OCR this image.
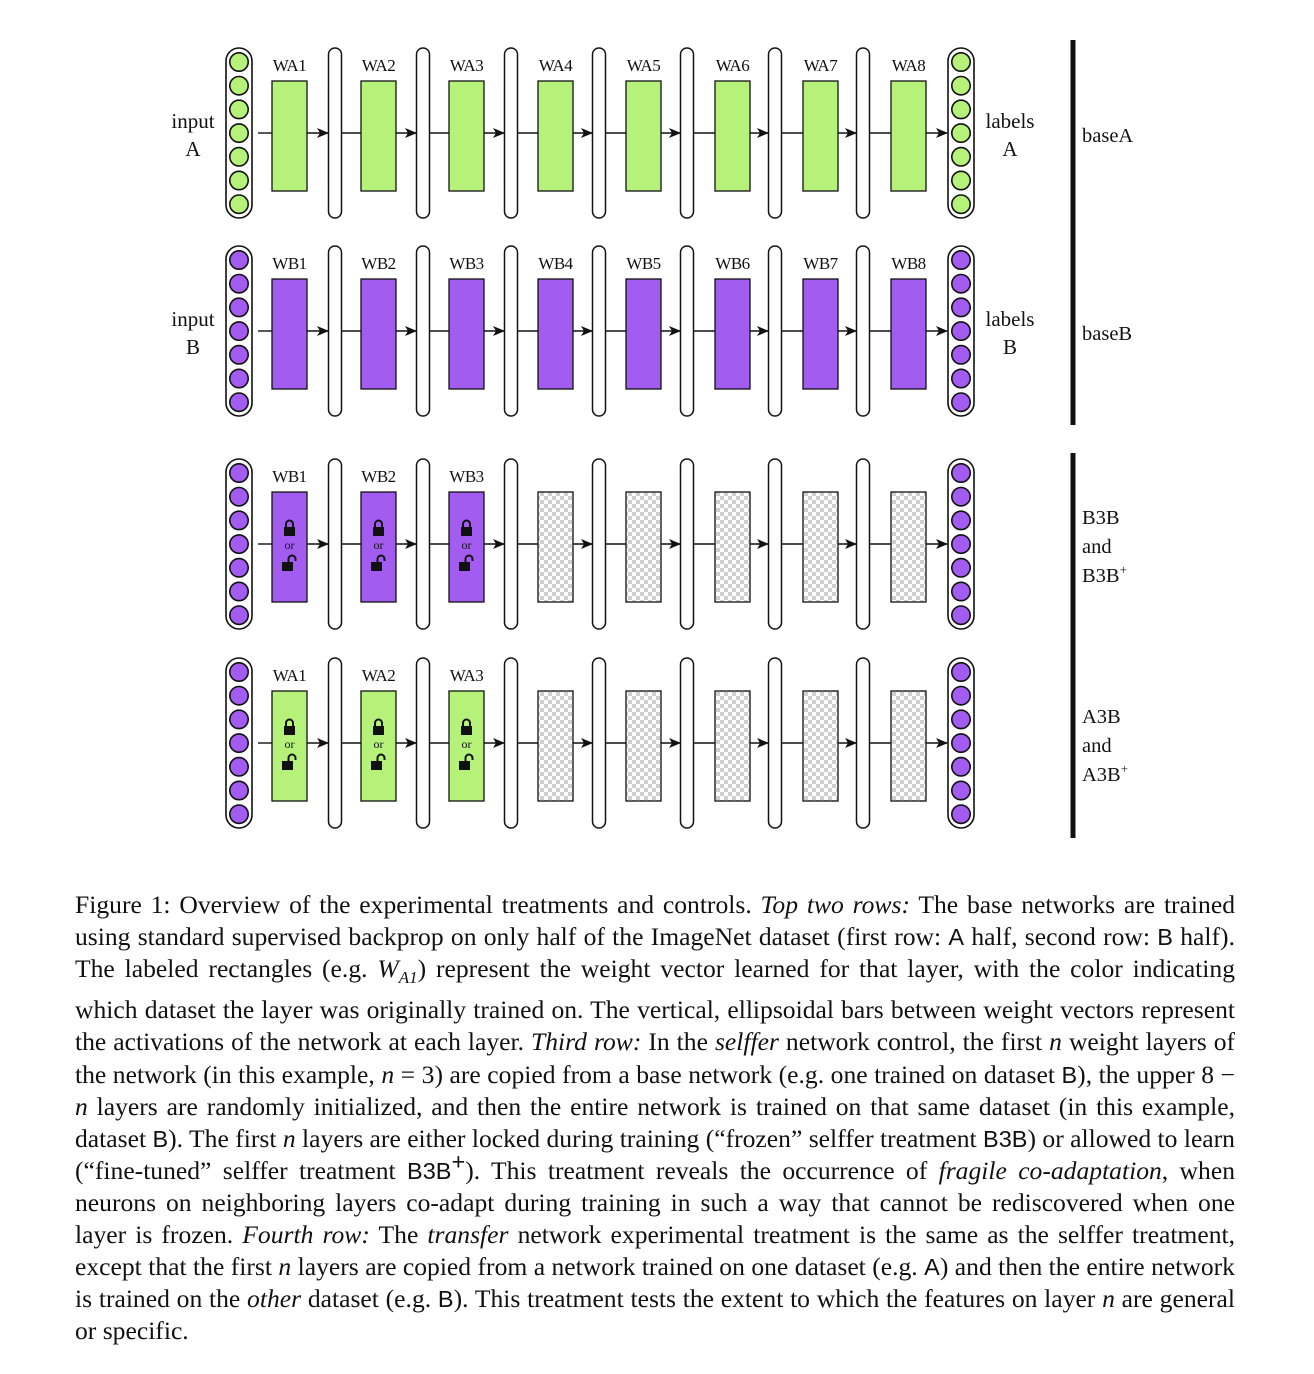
WA1	WA2	WA3	WA4	WA5	WA6	WA7	WA8
input
A
labels
A
baseA
WB1	WB2	WB3	WB4	WB5	WB6	WB7	WB8
input
B
labels
B
baseB
WB1
or
WB2
or
WB3
or
B3B
and
B3B+
WA1
or
WA2
or
WA3
or
A3B
and
A3B+
Figure 1: Overview of the experimental treatments and controls. Top two rows: The base networks are trained using standard supervised backprop on only half of the ImageNet dataset (first row: A half, second row: B half). The labeled rectangles (e.g. $W_{A1}$) represent the weight vector learned for that layer, with the color indicating which dataset the layer was originally trained on. The vertical, ellipsoidal bars between weight vectors represent the activations of the network at each layer. Third row: In the selffer network control, the first n weight layers of the network (in this example, n = 3) are copied from a base network (e.g. one trained on dataset B), the upper 8 − n layers are randomly initialized, and then the entire network is trained on that same dataset (in this example, dataset B). The first n layers are either locked during training (“frozen” selffer treatment B3B) or allowed to learn (“fine-tuned” selffer treatment B3B+). This treatment reveals the occurrence of fragile co-adaptation, when neurons on neighboring layers co-adapt during training in such a way that cannot be rediscovered when one layer is frozen. Fourth row: The transfer network experimental treatment is the same as the selffer treatment, except that the first n layers are copied from a network trained on one dataset (e.g. A) and then the entire network is trained on the other dataset (e.g. B). This treatment tests the extent to which the features on layer n are general or specific.
